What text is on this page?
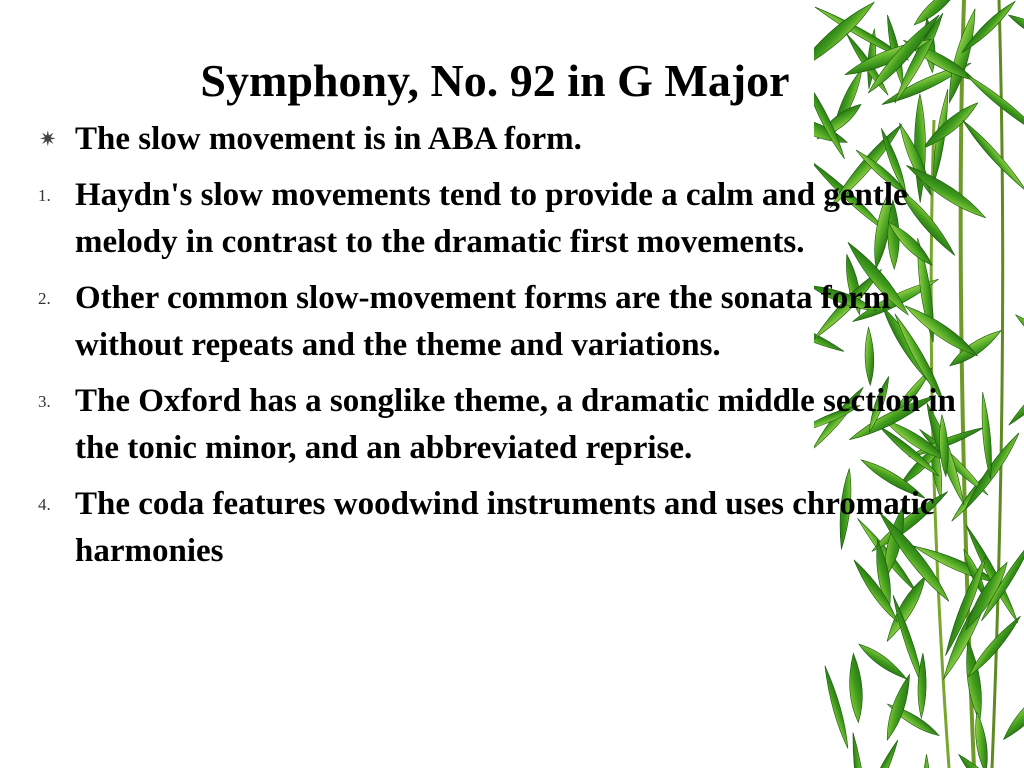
Symphony, No. 92 in G Major
✷ The slow movement is in ABA form.
1. Haydn's slow movements tend to provide a calm and gentle melody in contrast to the dramatic first movements.
2. Other common slow-movement forms are the sonata form without repeats and the theme and variations.
3. The Oxford has a songlike theme, a dramatic middle section in the tonic minor, and an abbreviated reprise.
4. The coda features woodwind instruments and uses chromatic harmonies
